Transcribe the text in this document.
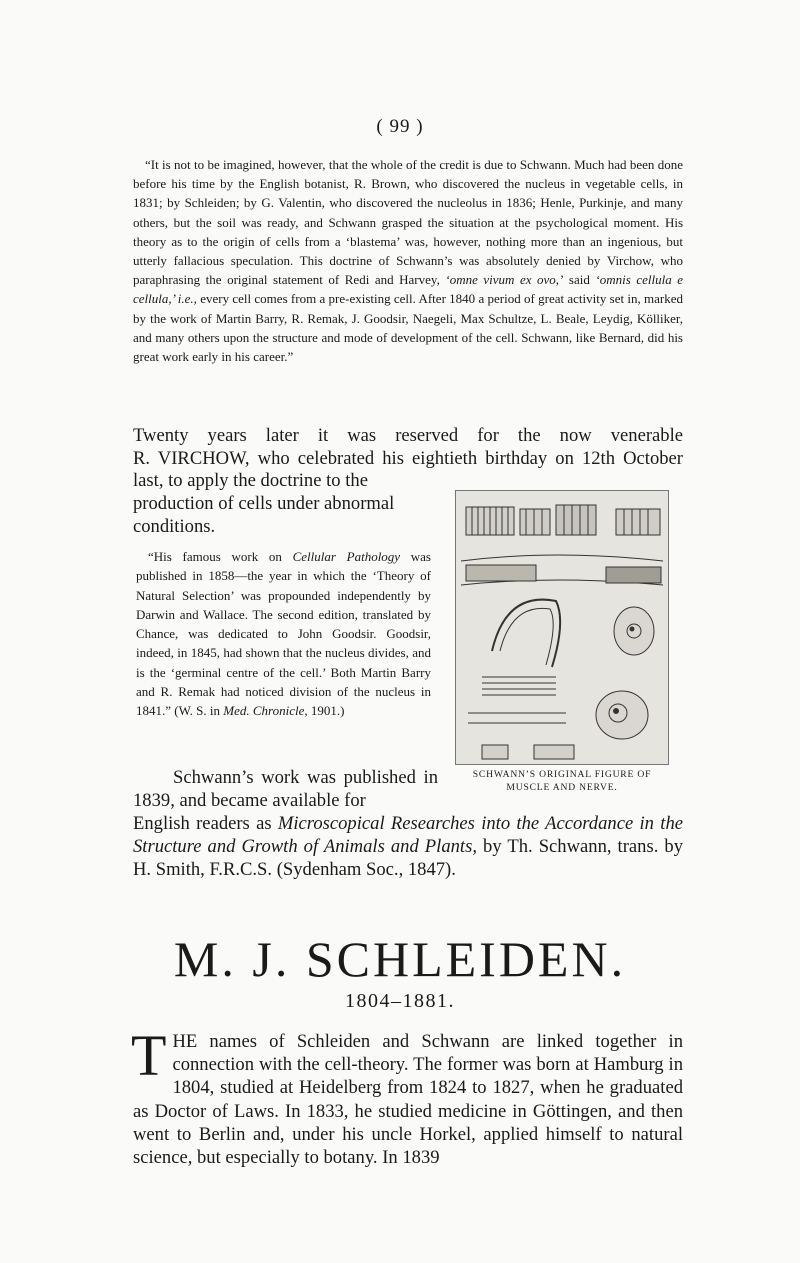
( 99 )

“It is not to be imagined, however, that the whole of the credit is due to Schwann. Much had been done before his time by the English botanist, R. Brown, who discovered the nucleus in vegetable cells, in 1831; by Schleiden; by G. Valentin, who discovered the nucleolus in 1836; Henle, Purkinje, and many others, but the soil was ready, and Schwann grasped the situation at the psychological moment. His theory as to the origin of cells from a ‘blastema’ was, however, nothing more than an ingenious, but utterly fallacious speculation. This doctrine of Schwann’s was absolutely denied by Virchow, who paraphrasing the original statement of Redi and Harvey, ‘omne vivum ex ovo,’ said ‘omnis cellula e cellula,’ i.e., every cell comes from a pre-existing cell. After 1840 a period of great activity set in, marked by the work of Martin Barry, R. Remak, J. Goodsir, Naegeli, Max Schultze, L. Beale, Leydig, Kölliker, and many others upon the structure and mode of development of the cell. Schwann, like Bernard, did his great work early in his career.”

Twenty years later it was reserved for the now venerable
R. VIRCHOW, who celebrated his eightieth birthday on 12th October
last, to apply the doctrine to the production of cells under abnormal conditions.

“His famous work on Cellular Pathology was published in 1858—the year in which the ‘Theory of Natural Selection’ was propounded independently by Darwin and Wallace. The second edition, translated by Chance, was dedicated to John Goodsir. Goodsir, indeed, in 1845, had shown that the nucleus divides, and is the ‘germinal centre of the cell.’ Both Martin Barry and R. Remak had noticed division of the nucleus in 1841.” (W. S. in Med. Chronicle, 1901.)

SCHWANN’S ORIGINAL FIGURE OF
MUSCLE AND NERVE.
Schwann’s work was published in 1839, and became available for
English readers as Microscopical Researches into the Accordance in the Structure and Growth of Animals and Plants, by Th. Schwann, trans. by H. Smith, F.R.C.S. (Sydenham Soc., 1847).
M. J. SCHLEIDEN.
1804–1881.

THE names of Schleiden and Schwann are linked together in connection with the cell-theory. The former was born at Hamburg in 1804, studied at Heidelberg from 1824 to 1827, when he graduated as Doctor of Laws. In 1833, he studied medicine in Göttingen, and then went to Berlin and, under his uncle Horkel, applied himself to natural science, but especially to botany. In 1839
